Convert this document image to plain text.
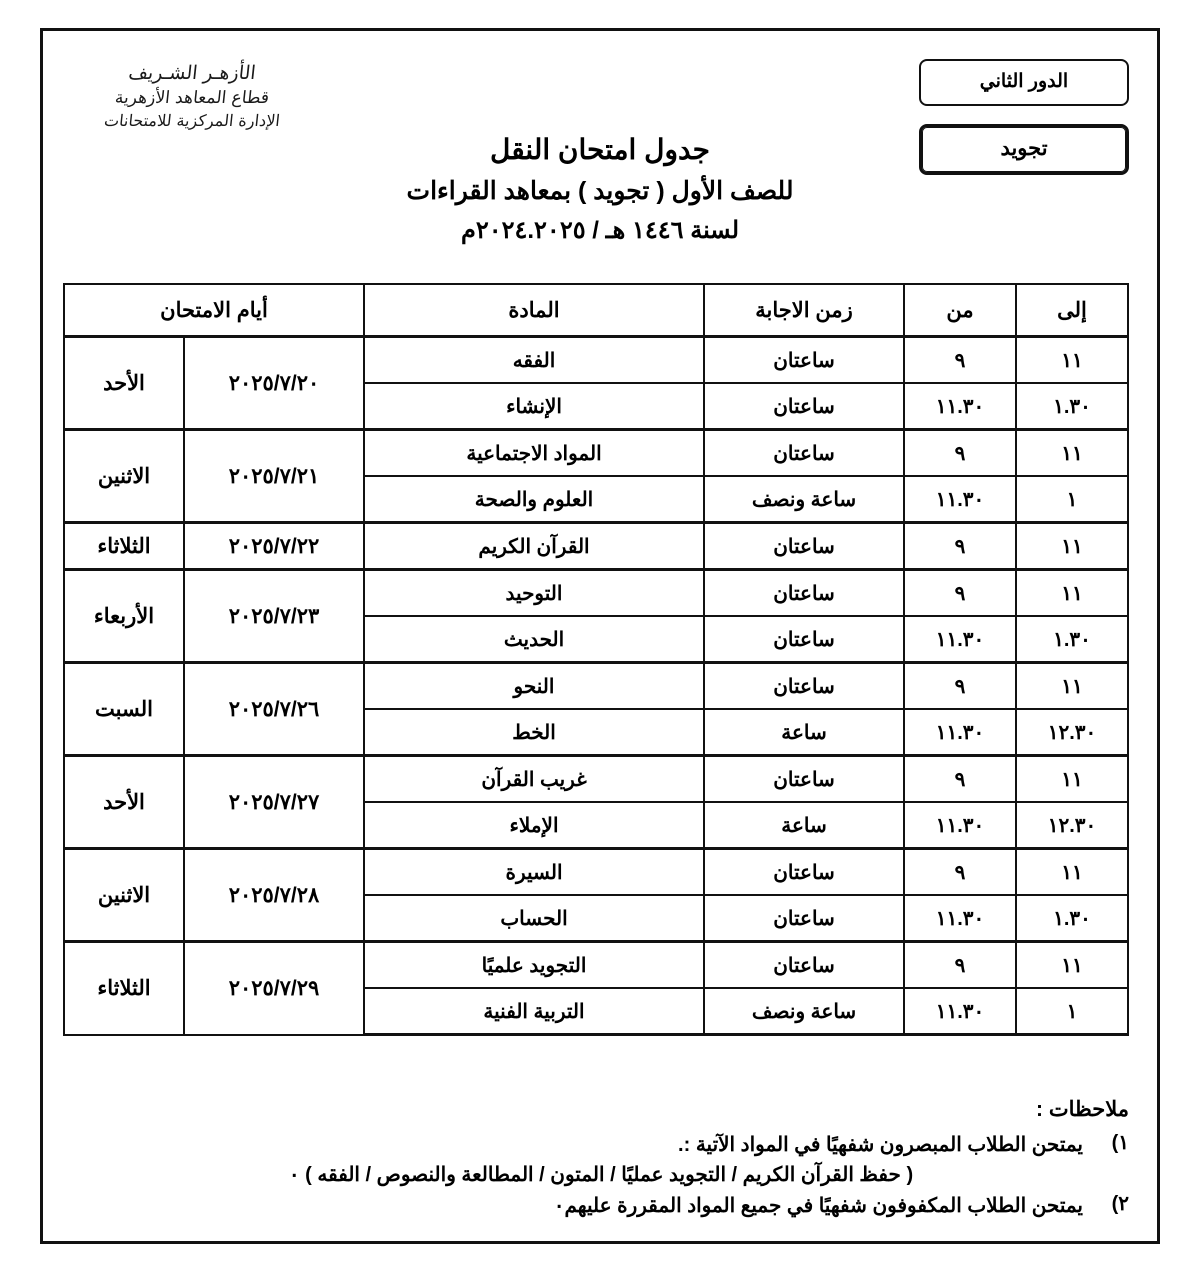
الدور الثاني
تجويد
الأزهـر الشـريف
قطاع المعاهد الأزهرية
الإدارة المركزية للامتحانات
جدول امتحان النقل
للصف الأول ( تجويد ) بمعاهد القراءات
لسنة ١٤٤٦ هـ / ٢٠٢٤.٢٠٢٥م
إلى	من	زمن الاجابة	المادة	أيام الامتحان	
١١	٩	ساعتان	الفقه	٢٠٢٥/٧/٢٠	الأحد
١.٣٠	١١.٣٠	ساعتان	الإنشاء		
١١	٩	ساعتان	المواد الاجتماعية	٢٠٢٥/٧/٢١	الاثنين
١	١١.٣٠	ساعة ونصف	العلوم والصحة		
١١	٩	ساعتان	القرآن الكريم	٢٠٢٥/٧/٢٢	الثلاثاء
١١	٩	ساعتان	التوحيد	٢٠٢٥/٧/٢٣	الأربعاء
١.٣٠	١١.٣٠	ساعتان	الحديث		
١١	٩	ساعتان	النحو	٢٠٢٥/٧/٢٦	السبت
١٢.٣٠	١١.٣٠	ساعة	الخط		
١١	٩	ساعتان	غريب القرآن	٢٠٢٥/٧/٢٧	الأحد
١٢.٣٠	١١.٣٠	ساعة	الإملاء		
١١	٩	ساعتان	السيرة	٢٠٢٥/٧/٢٨	الاثنين
١.٣٠	١١.٣٠	ساعتان	الحساب		
١١	٩	ساعتان	التجويد علميًا	٢٠٢٥/٧/٢٩	الثلاثاء
١	١١.٣٠	ساعة ونصف	التربية الفنية		
ملاحظات :
١)
يمتحن الطلاب المبصرون شفهيًا في المواد الآتية :.
( حفظ القرآن الكريم / التجويد عمليًا / المتون / المطالعة والنصوص / الفقه ) ٠
٢)
يمتحن الطلاب المكفوفون شفهيًا في جميع المواد المقررة عليهم٠
